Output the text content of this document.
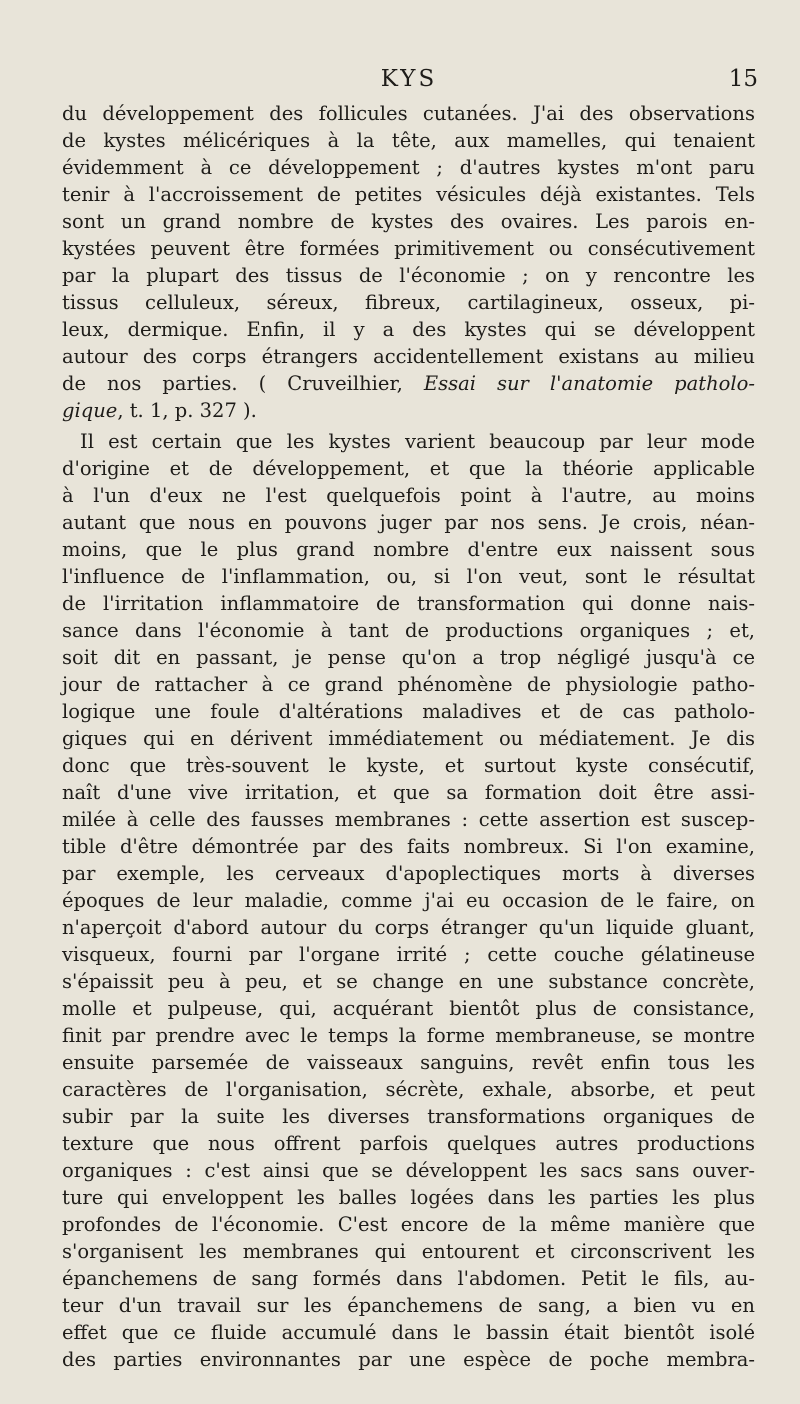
KYS	15
du développement des follicules cutanées. J'ai des observations
de kystes mélicériques à la tête, aux mamelles, qui tenaient
évidemment à ce développement ; d'autres kystes m'ont paru
tenir à l'accroissement de petites vésicules déjà existantes. Tels
sont un grand nombre de kystes des ovaires. Les parois en-
kystées peuvent être formées primitivement ou consécutivement
par la plupart des tissus de l'économie ; on y rencontre les
tissus celluleux, séreux, fibreux, cartilagineux, osseux, pi-
leux, dermique. Enfin, il y a des kystes qui se développent
autour des corps étrangers accidentellement existans au milieu
de nos parties. ( Cruveilhier, Essai sur l'anatomie patholo-
gique, t. 1, p. 327 ).
Il est certain que les kystes varient beaucoup par leur mode
d'origine et de développement, et que la théorie applicable
à l'un d'eux ne l'est quelquefois point à l'autre, au moins
autant que nous en pouvons juger par nos sens. Je crois, néan-
moins, que le plus grand nombre d'entre eux naissent sous
l'influence de l'inflammation, ou, si l'on veut, sont le résultat
de l'irritation inflammatoire de transformation qui donne nais-
sance dans l'économie à tant de productions organiques ; et,
soit dit en passant, je pense qu'on a trop négligé jusqu'à ce
jour de rattacher à ce grand phénomène de physiologie patho-
logique une foule d'altérations maladives et de cas patholo-
giques qui en dérivent immédiatement ou médiatement. Je dis
donc que très-souvent le kyste, et surtout kyste consécutif,
naît d'une vive irritation, et que sa formation doit être assi-
milée à celle des fausses membranes : cette assertion est suscep-
tible d'être démontrée par des faits nombreux. Si l'on examine,
par exemple, les cerveaux d'apoplectiques morts à diverses
époques de leur maladie, comme j'ai eu occasion de le faire, on
n'aperçoit d'abord autour du corps étranger qu'un liquide gluant,
visqueux, fourni par l'organe irrité ; cette couche gélatineuse
s'épaissit peu à peu, et se change en une substance concrète,
molle et pulpeuse, qui, acquérant bientôt plus de consistance,
finit par prendre avec le temps la forme membraneuse, se montre
ensuite parsemée de vaisseaux sanguins, revêt enfin tous les
caractères de l'organisation, sécrète, exhale, absorbe, et peut
subir par la suite les diverses transformations organiques de
texture que nous offrent parfois quelques autres productions
organiques : c'est ainsi que se développent les sacs sans ouver-
ture qui enveloppent les balles logées dans les parties les plus
profondes de l'économie. C'est encore de la même manière que
s'organisent les membranes qui entourent et circonscrivent les
épanchemens de sang formés dans l'abdomen. Petit le fils, au-
teur d'un travail sur les épanchemens de sang, a bien vu en
effet que ce fluide accumulé dans le bassin était bientôt isolé
des parties environnantes par une espèce de poche membra-
